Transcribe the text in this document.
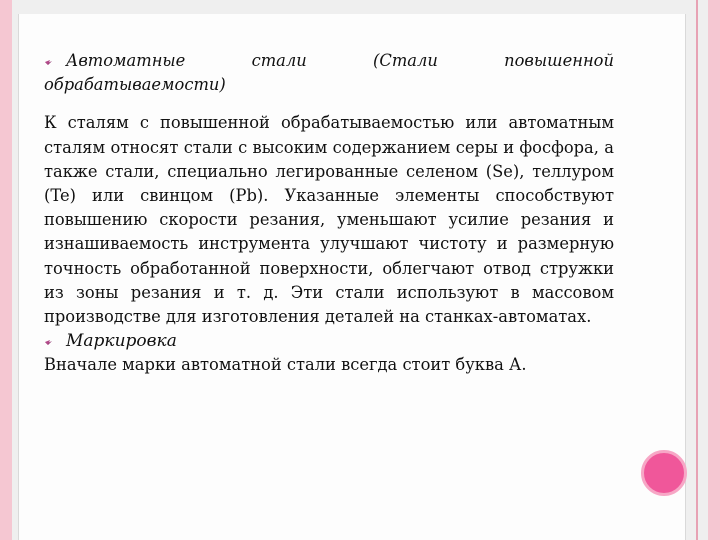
Автоматные	стали	(Стали	повышенной
обрабатываемости)
К сталям с повышенной обрабатываемостью или автоматным сталям относят стали с высоким содержанием серы и фосфора, а также стали, специально легированные селеном (Se), теллуром (Te) или свинцом (Pb). Указанные элементы способствуют повышению скорости резания, уменьшают усилие резания и изнашиваемость инструмента улучшают чистоту и размерную точность обработанной поверхности, облегчают отвод стружки из зоны резания и т. д. Эти стали используют в массовом производстве для изготовления деталей на станках-автоматах.
Маркировка
Вначале марки автоматной стали всегда стоит буква А.
